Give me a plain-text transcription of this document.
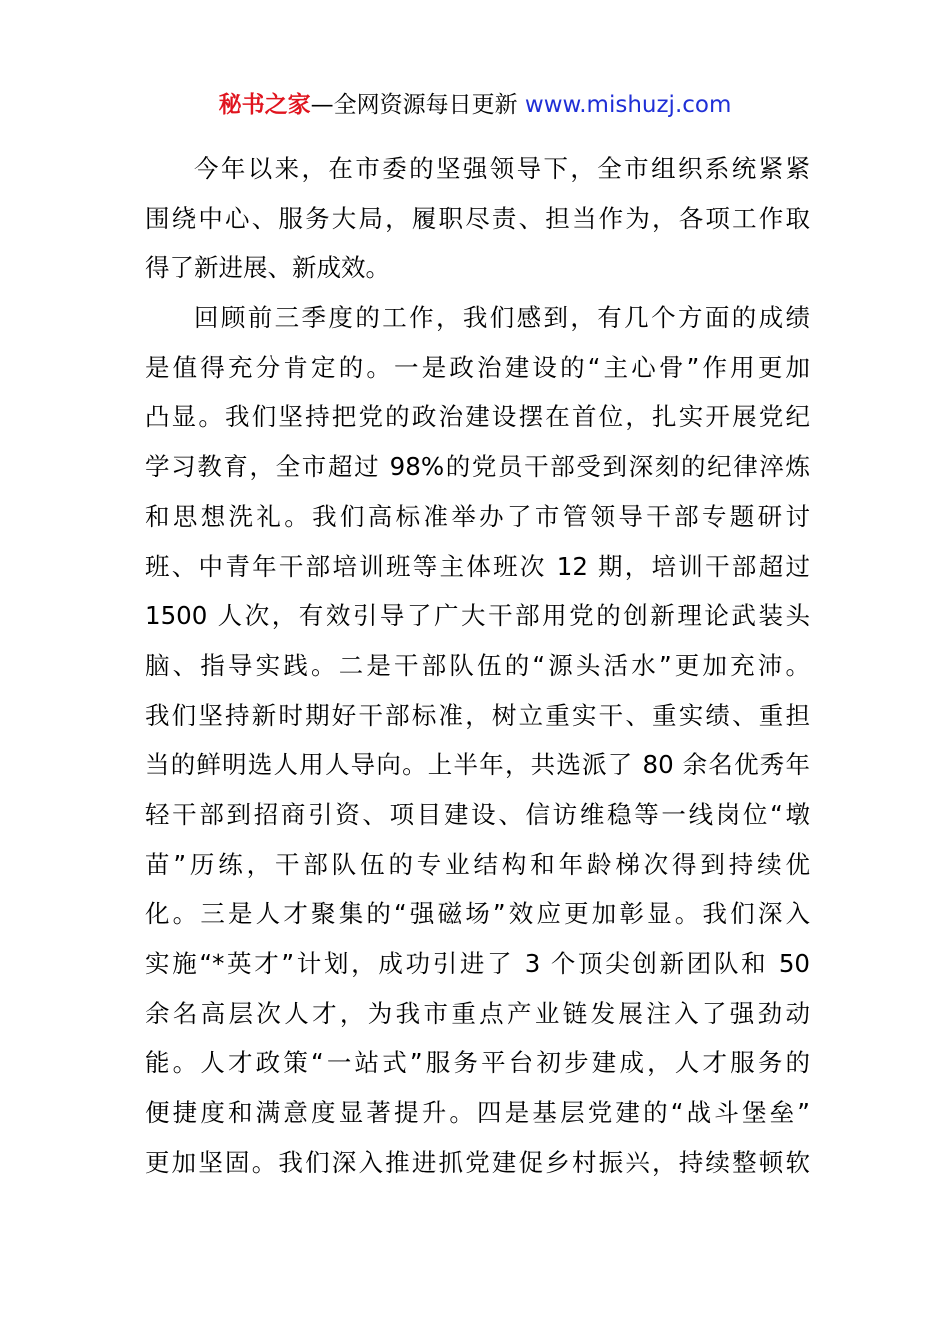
秘书之家—全网资源每日更新 www.mishuzj.com
今年以来，在市委的坚强领导下，全市组织系统紧紧
围绕中心、服务大局，履职尽责、担当作为，各项工作取
得了新进展、新成效。
回顾前三季度的工作，我们感到，有几个方面的成绩
是值得充分肯定的。一是政治建设的“主心骨”作用更加
凸显。我们坚持把党的政治建设摆在首位，扎实开展党纪
学习教育，全市超过 98%的党员干部受到深刻的纪律淬炼
和思想洗礼。我们高标准举办了市管领导干部专题研讨
班、中青年干部培训班等主体班次 12 期，培训干部超过
1500 人次，有效引导了广大干部用党的创新理论武装头
脑、指导实践。二是干部队伍的“源头活水”更加充沛。
我们坚持新时期好干部标准，树立重实干、重实绩、重担
当的鲜明选人用人导向。上半年，共选派了 80 余名优秀年
轻干部到招商引资、项目建设、信访维稳等一线岗位“墩
苗”历练，干部队伍的专业结构和年龄梯次得到持续优
化。三是人才聚集的“强磁场”效应更加彰显。我们深入
实施“*英才”计划，成功引进了 3 个顶尖创新团队和 50
余名高层次人才，为我市重点产业链发展注入了强劲动
能。人才政策“一站式”服务平台初步建成，人才服务的
便捷度和满意度显著提升。四是基层党建的“战斗堡垒”
更加坚固。我们深入推进抓党建促乡村振兴，持续整顿软
